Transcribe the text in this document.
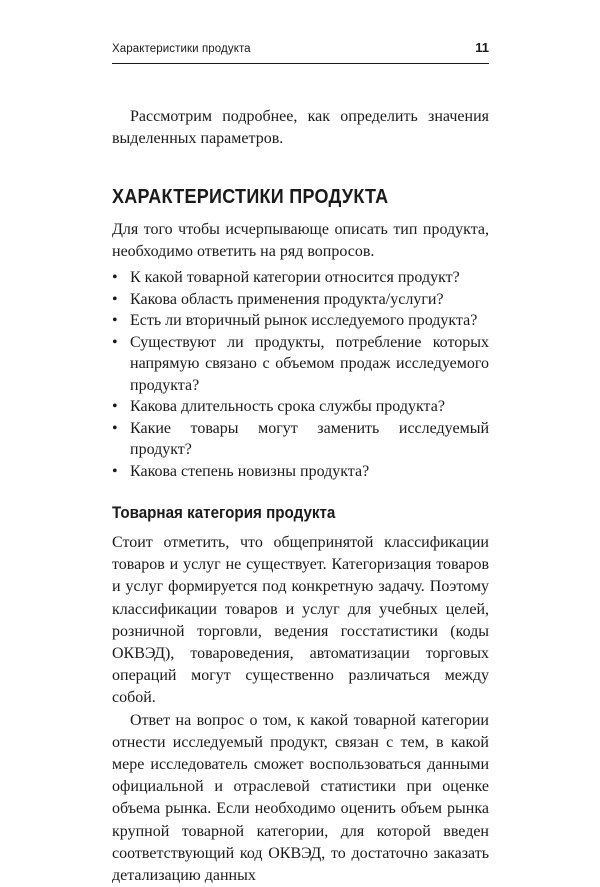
Характеристики продукта	11

Рассмотрим подробнее, как определить значения выделенных параметров.

ХАРАКТЕРИСТИКИ ПРОДУКТА

Для того чтобы исчерпывающе описать тип продукта, необходимо ответить на ряд вопросов.

• К какой товарной категории относится продукт?
• Какова область применения продукта/услуги?
• Есть ли вторичный рынок исследуемого продукта?
• Существуют ли продукты, потребление которых напрямую связано с объемом продаж исследуемого продукта?
• Какова длительность срока службы продукта?
• Какие товары могут заменить исследуемый продукт?
• Какова степень новизны продукта?
Товарная категория продукта

Стоит отметить, что общепринятой классификации товаров и услуг не существует. Категоризация товаров и услуг формируется под конкретную задачу. Поэтому классификации товаров и услуг для учебных целей, розничной торговли, ведения госстатистики (коды ОКВЭД), товароведения, автоматизации торговых операций могут существенно различаться между собой.

Ответ на вопрос о том, к какой товарной категории отнести исследуемый продукт, связан с тем, в какой мере исследователь сможет воспользоваться данными официальной и отраслевой статистики при оценке объема рынка. Если необходимо оценить объем рынка крупной товарной категории, для которой введен соответствующий код ОКВЭД, то достаточно заказать детализацию данных
